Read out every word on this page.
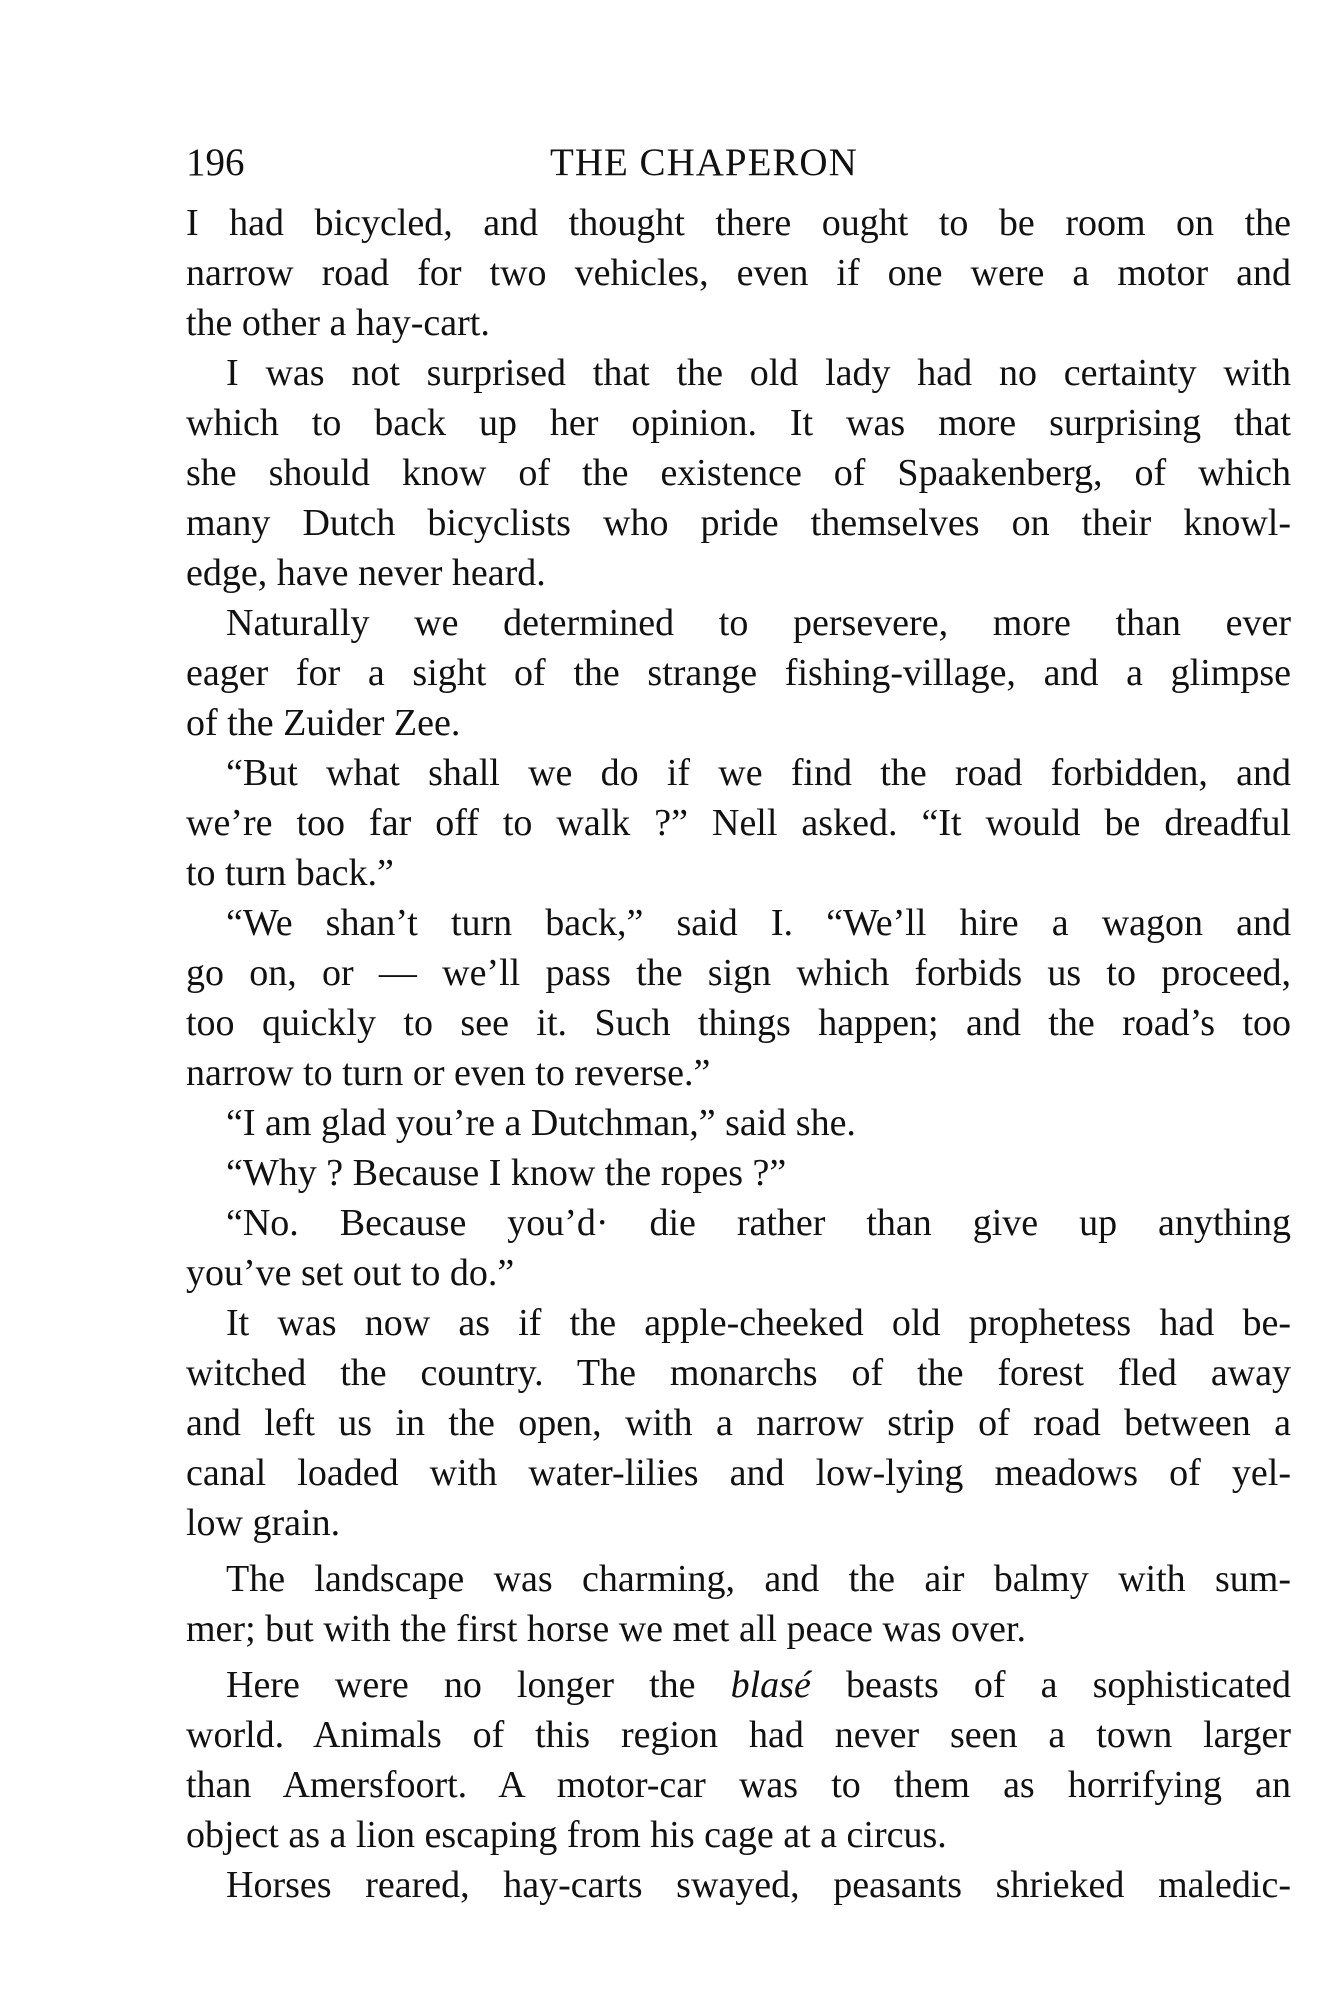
196	THE CHAPERON
I had bicycled, and thought there ought to be room on the
narrow road for two vehicles, even if one were a motor and
the other a hay-cart.
I was not surprised that the old lady had no certainty with
which to back up her opinion. It was more surprising that
she should know of the existence of Spaakenberg, of which
many Dutch bicyclists who pride themselves on their knowl-
edge, have never heard.
Naturally we determined to persevere, more than ever
eager for a sight of the strange fishing-village, and a glimpse
of the Zuider Zee.
“But what shall we do if we find the road forbidden, and
we’re too far off to walk ?” Nell asked. “It would be dreadful
to turn back.”
“We shan’t turn back,” said I. “We’ll hire a wagon and
go on, or — we’ll pass the sign which forbids us to proceed,
too quickly to see it. Such things happen; and the road’s too
narrow to turn or even to reverse.”
“I am glad you’re a Dutchman,” said she.
“Why ? Because I know the ropes ?”
“No. Because you’d· die rather than give up anything
you’ve set out to do.”
It was now as if the apple-cheeked old prophetess had be-
witched the country. The monarchs of the forest fled away
and left us in the open, with a narrow strip of road between a
canal loaded with water-lilies and low-lying meadows of yel-
low grain.
The landscape was charming, and the air balmy with sum-
mer; but with the first horse we met all peace was over.
Here were no longer the blasé beasts of a sophisticated
world. Animals of this region had never seen a town larger
than Amersfoort. A motor-car was to them as horrifying an
object as a lion escaping from his cage at a circus.
Horses reared, hay-carts swayed, peasants shrieked maledic-
